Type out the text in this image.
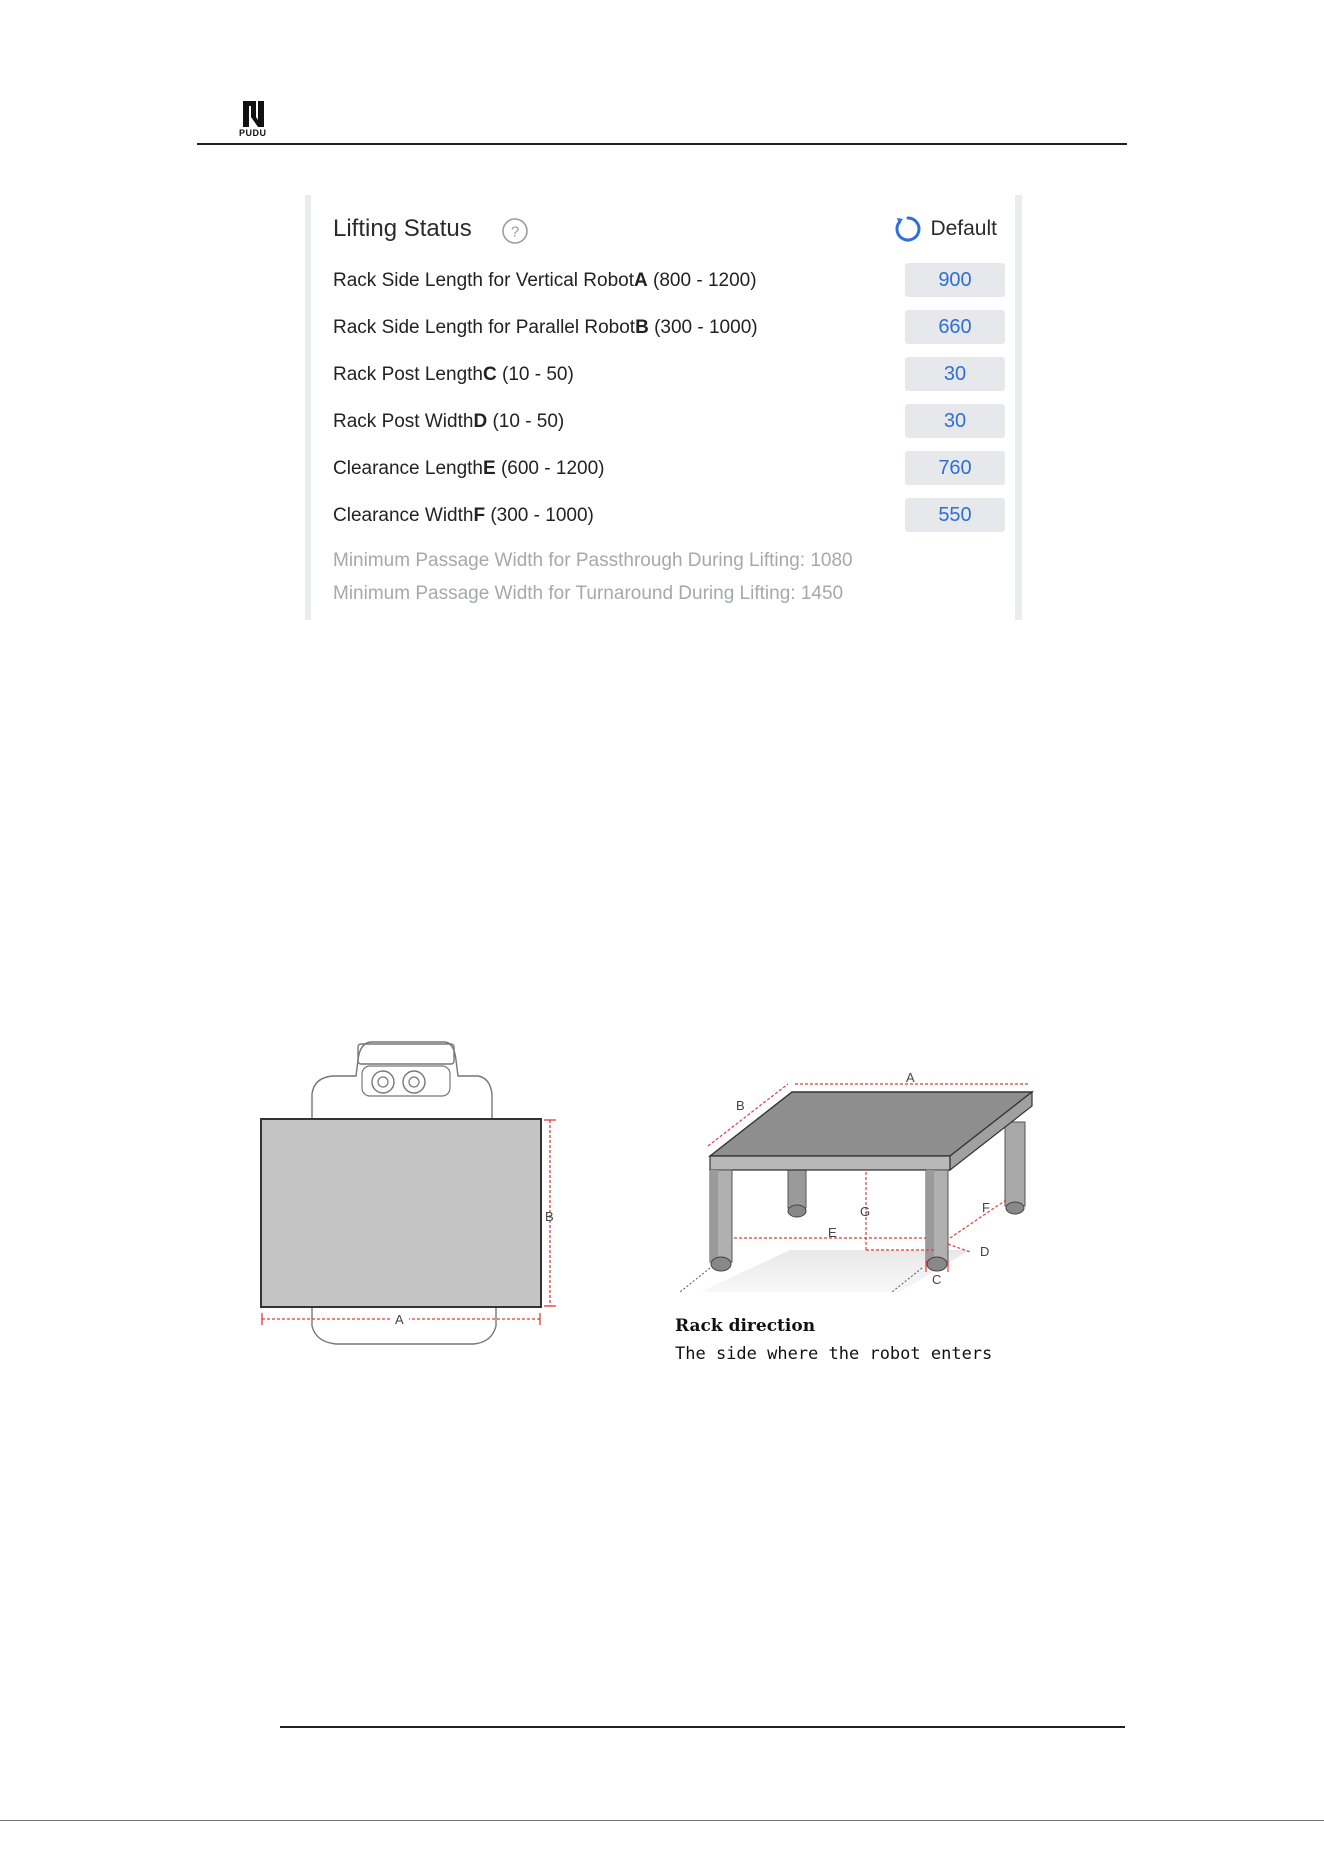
PUDU
Lifting Status	?	Default
Rack Side Length for Vertical RobotA (800 - 1200)	900
Rack Side Length for Parallel RobotB (300 - 1000)	660
Rack Post LengthC (10 - 50)	30
Rack Post WidthD (10 - 50)	30
Clearance LengthE (600 - 1200)	760
Clearance WidthF (300 - 1000)	550
Minimum Passage Width for Passthrough During Lifting: 1080
Minimum Passage Width for Turnaround During Lifting: 1450
B
A
A
B
G
E
F
D
C
Rack direction
The side where the robot enters
